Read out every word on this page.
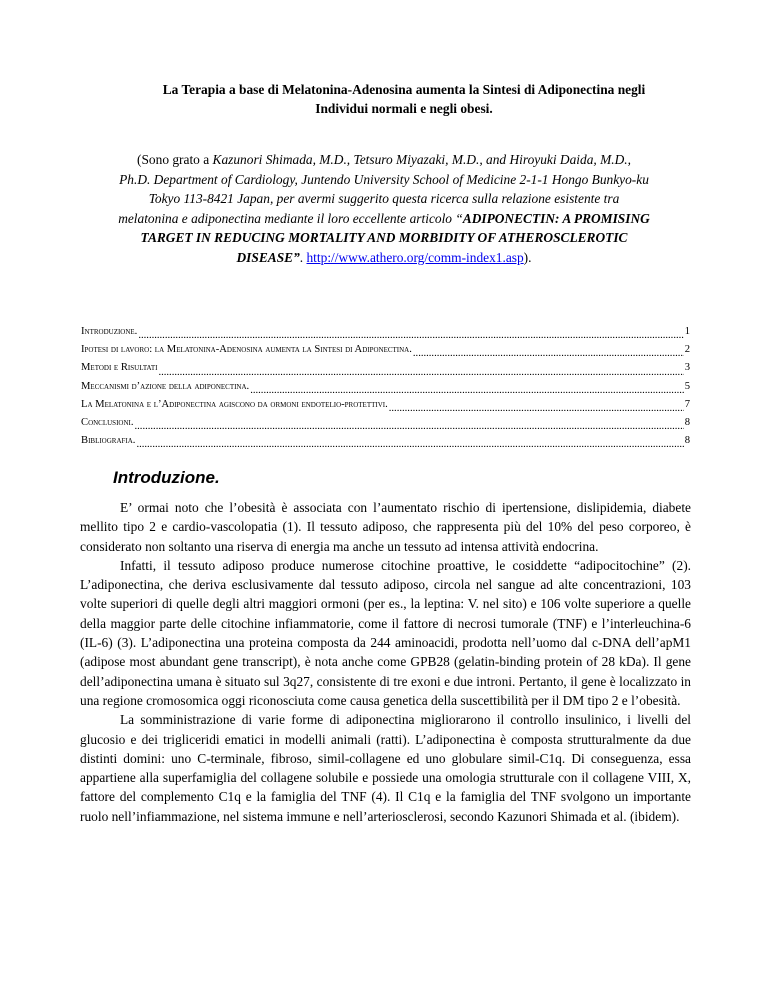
La Terapia a base di Melatonina-Adenosina aumenta la Sintesi di Adiponectina negli
Individui normali e negli obesi.
(Sono grato a Kazunori Shimada, M.D., Tetsuro Miyazaki, M.D., and Hiroyuki Daida, M.D.,
Ph.D. Department of Cardiology, Juntendo University School of Medicine 2-1-1 Hongo Bunkyo-ku
Tokyo 113-8421 Japan, per avermi suggerito questa ricerca sulla relazione esistente tra
melatonina e adiponectina mediante il loro eccellente articolo “ADIPONECTIN: A PROMISING
TARGET IN REDUCING MORTALITY AND MORBIDITY OF ATHEROSCLEROTIC
DISEASE”. http://www.athero.org/comm-index1.asp).
Introduzione. .....	1
Ipotesi di lavoro: la Melatonina-Adenosina aumenta la Sintesi di Adiponectina. .....	2
Metodi e Risultati .....	3
Meccanismi d’azione della adiponectina. .....	5
La Melatonina e l’Adiponectina agiscono da ormoni endotelio-protettivi. .....	7
Conclusioni. .....	8
Bibliografia. .....	8
Introduzione.

E’ ormai noto che l’obesità è associata con l’aumentato rischio di ipertensione, dislipidemia, diabete mellito tipo 2 e cardio-vascolopatia (1). Il tessuto adiposo, che rappresenta più del 10% del peso corporeo, è considerato non soltanto una riserva di energia ma anche un tessuto ad intensa attività endocrina.

Infatti, il tessuto adiposo produce numerose citochine proattive, le cosiddette “adipocitochine” (2). L’adiponectina, che deriva esclusivamente dal tessuto adiposo, circola nel sangue ad alte concentrazioni, 103 volte superiori di quelle degli altri maggiori ormoni (per es., la leptina: V. nel sito) e 106 volte superiore a quelle della maggior parte delle citochine infiammatorie, come il fattore di necrosi tumorale (TNF) e l’interleuchina-6 (IL-6) (3). L’adiponectina una proteina composta da 244 aminoacidi, prodotta nell’uomo dal c-DNA dell’apM1 (adipose most abundant gene transcript), è nota anche come GPB28 (gelatin-binding protein of 28 kDa). Il gene dell’adiponectina umana è situato sul 3q27, consistente di tre exoni e due introni. Pertanto, il gene è localizzato in una regione cromosomica oggi riconosciuta come causa genetica della suscettibilità per il DM tipo 2 e l’obesità.

La somministrazione di varie forme di adiponectina migliorarono il controllo insulinico, i livelli del glucosio e dei trigliceridi ematici in modelli animali (ratti). L’adiponectina è composta strutturalmente da due distinti domini: uno C-terminale, fibroso, simil-collagene ed uno globulare simil-C1q. Di conseguenza, essa appartiene alla superfamiglia del collagene solubile e possiede una omologia strutturale con il collagene VIII, X, fattore del complemento C1q e la famiglia del TNF (4). Il C1q e la famiglia del TNF svolgono un importante ruolo nell’infiammazione, nel sistema immune e nell’arteriosclerosi, secondo Kazunori Shimada et al. (ibidem).
